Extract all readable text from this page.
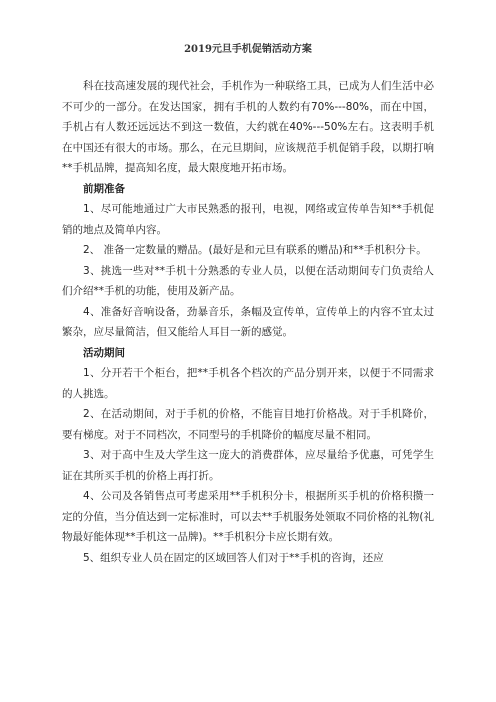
2019元旦手机促销活动方案

科在技高速发展的现代社会，手机作为一种联络工具，已成为人们生活中必不可少的一部分。在发达国家，拥有手机的人数约有70%---80%，而在中国，手机占有人数还远远达不到这一数值，大约就在40%---50%左右。这表明手机在中国还有很大的市场。那么，在元旦期间，应该规范手机促销手段，以期打响**手机品牌，提高知名度，最大限度地开拓市场。

前期准备

1、尽可能地通过广大市民熟悉的报刊，电视，网络或宣传单告知**手机促销的地点及简单内容。

2、 准备一定数量的赠品。(最好是和元旦有联系的赠品)和**手机积分卡。

3、挑选一些对**手机十分熟悉的专业人员，以便在活动期间专门负责给人们介绍**手机的功能，使用及新产品。

4、准备好音响设备，劲暴音乐，条幅及宣传单，宣传单上的内容不宜太过繁杂，应尽量简洁，但又能给人耳目一新的感觉。

活动期间

1、分开若干个柜台，把**手机各个档次的产品分别开来，以便于不同需求的人挑选。

2、在活动期间，对于手机的价格，不能盲目地打价格战。对于手机降价，要有梯度。对于不同档次，不同型号的手机降价的幅度尽量不相同。

3、对于高中生及大学生这一庞大的消费群体，应尽量给予优惠，可凭学生证在其所买手机的价格上再打折。

4、公司及各销售点可考虑采用**手机积分卡，根据所买手机的价格积攒一定的分值，当分值达到一定标准时，可以去**手机服务处领取不同价格的礼物(礼物最好能体现**手机这一品牌)。**手机积分卡应长期有效。

5、组织专业人员在固定的区域回答人们对于**手机的咨询，还应
